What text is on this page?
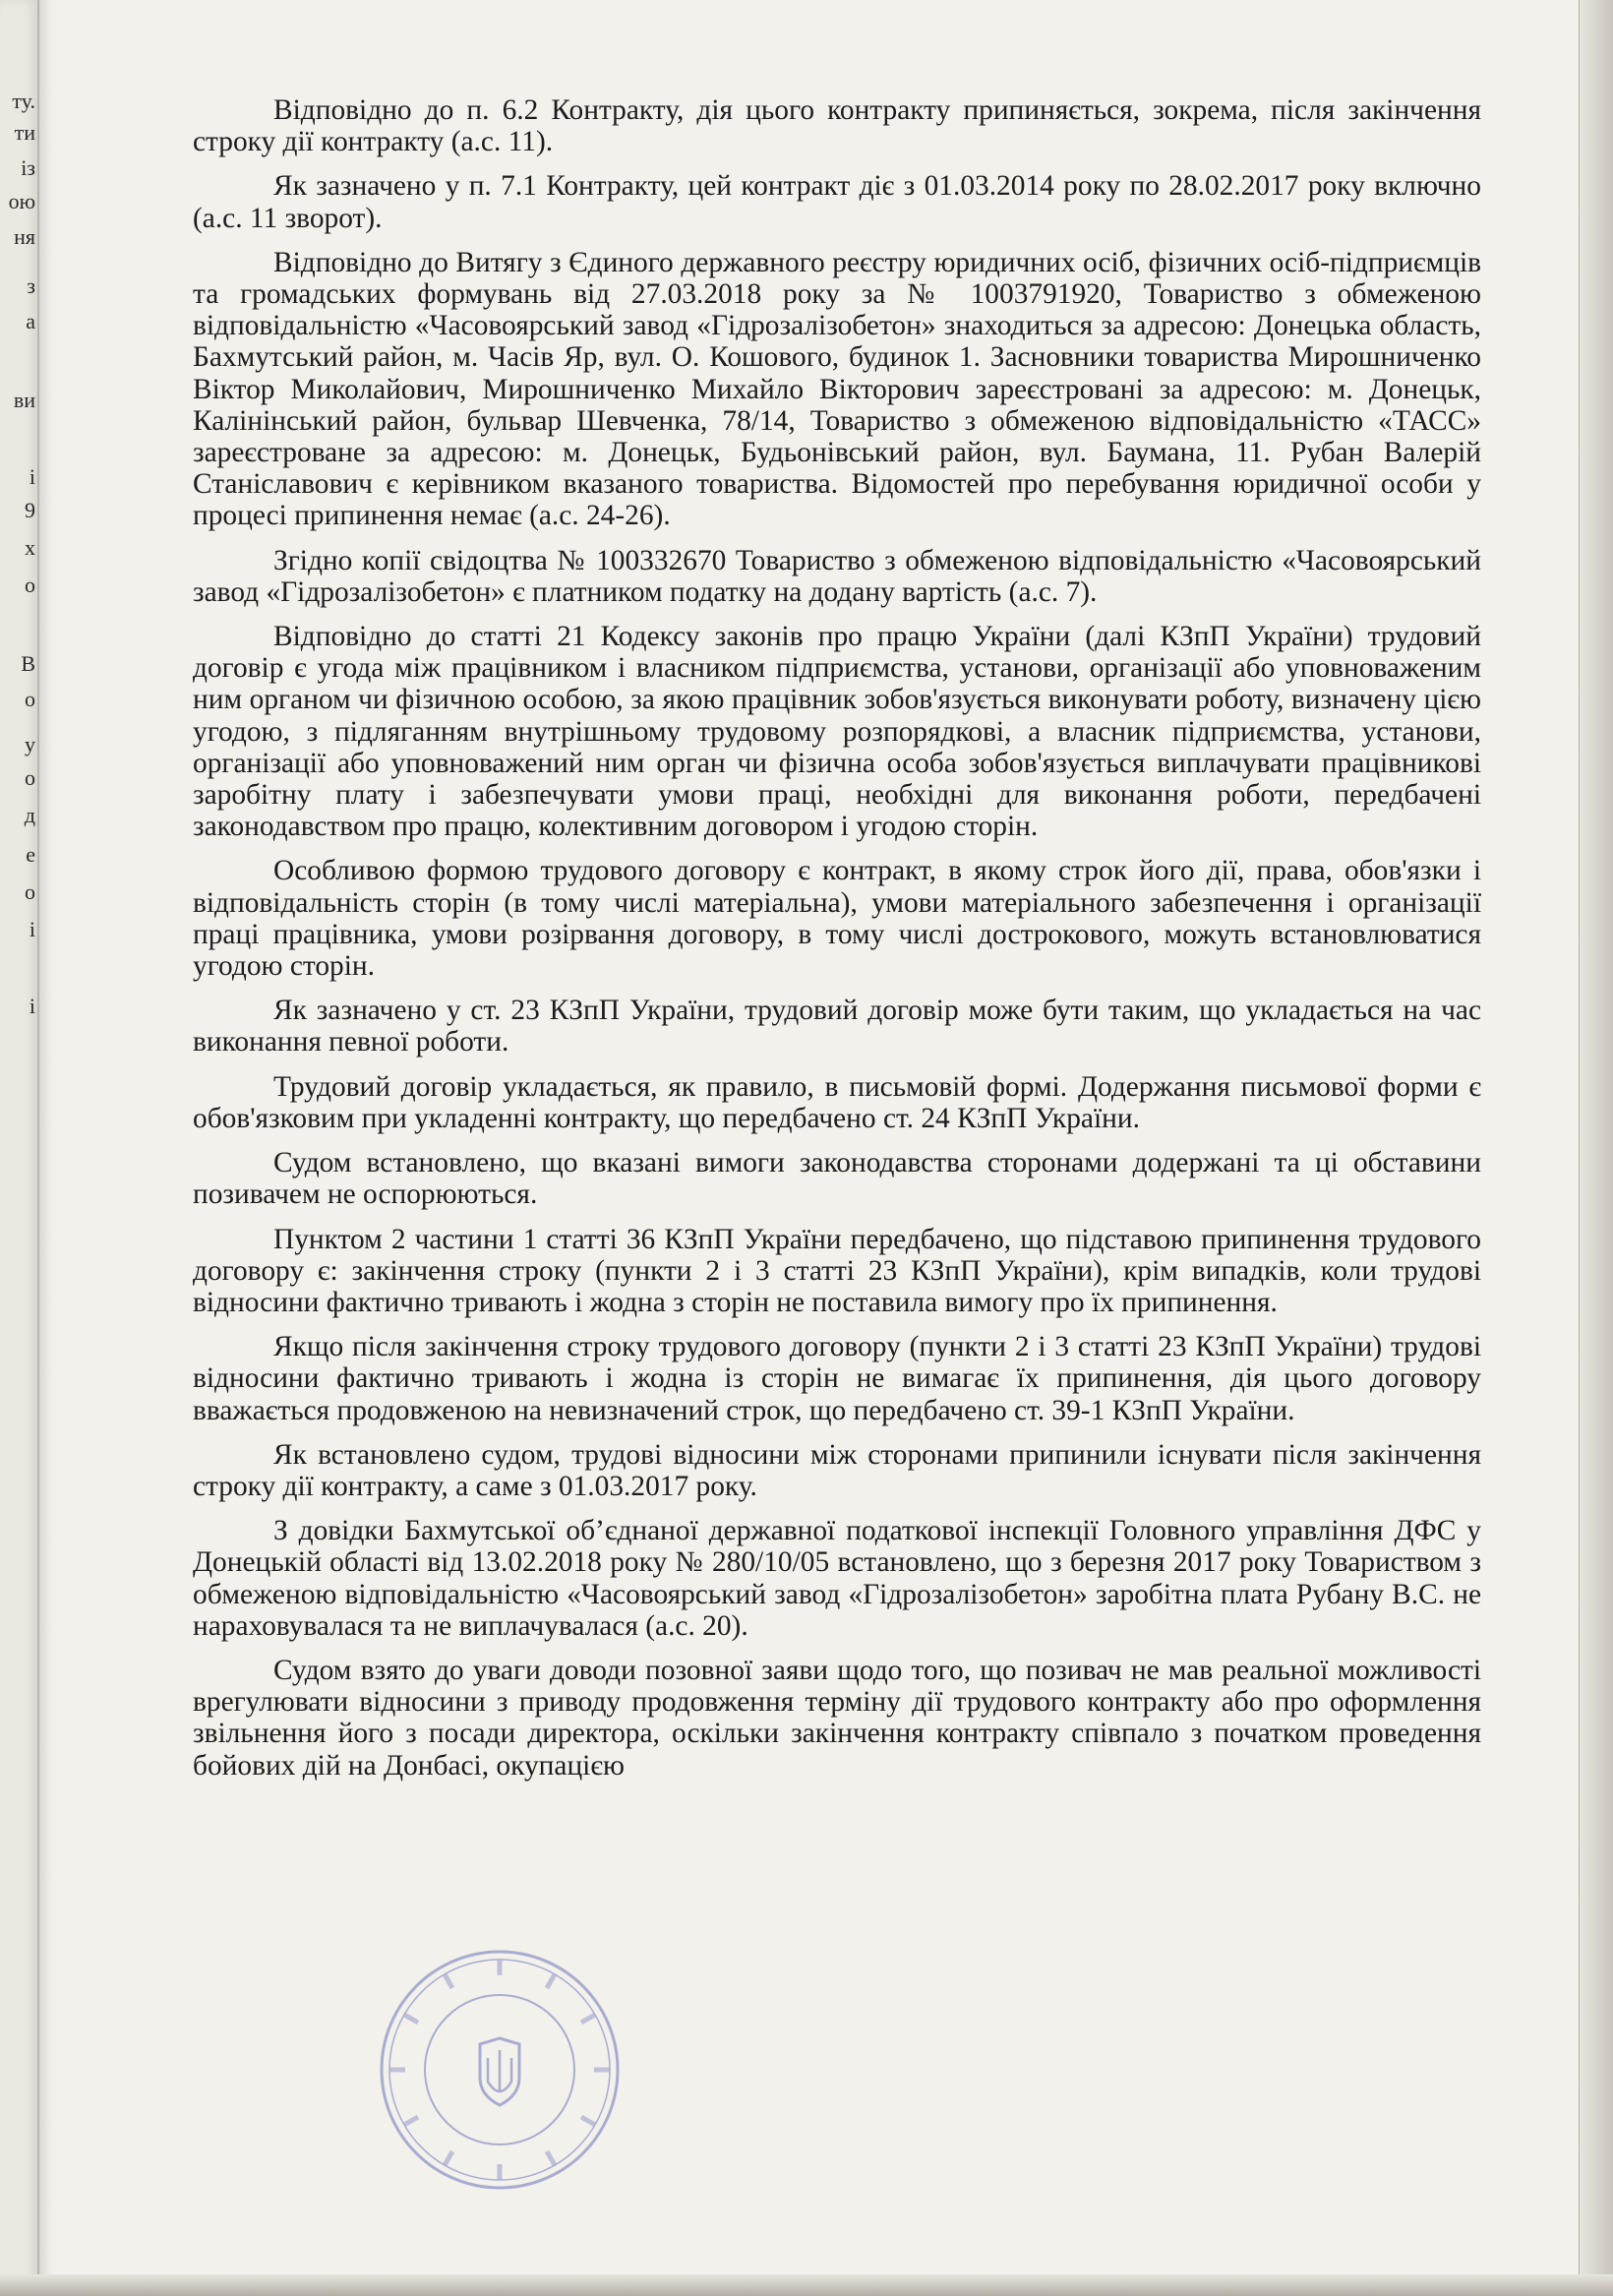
ту.
ти
із
ою
ня
з
а
ви
і
9
х
о
В
о
у
о
д
е
о
і
і

Відповідно до п. 6.2 Контракту, дія цього контракту припиняється, зокрема, після закінчення строку дії контракту (а.с. 11).

Як зазначено у п. 7.1 Контракту, цей контракт діє з 01.03.2014 року по 28.02.2017 року включно (а.с. 11 зворот).

Відповідно до Витягу з Єдиного державного реєстру юридичних осіб, фізичних осіб-підприємців та громадських формувань від 27.03.2018 року за № 1003791920, Товариство з обмеженою відповідальністю «Часовоярський завод «Гідрозалізобетон» знаходиться за адресою: Донецька область, Бахмутський район, м. Часів Яр, вул. О. Кошового, будинок 1. Засновники товариства Мирошниченко Віктор Миколайович, Мирошниченко Михайло Вікторович зареєстровані за адресою: м. Донецьк, Калінінський район, бульвар Шевченка, 78/14, Товариство з обмеженою відповідальністю «ТАСС» зареєстроване за адресою: м. Донецьк, Будьонівський район, вул. Баумана, 11. Рубан Валерій Станіславович є керівником вказаного товариства. Відомостей про перебування юридичної особи у процесі припинення немає (а.с. 24-26).

Згідно копії свідоцтва № 100332670 Товариство з обмеженою відповідальністю «Часовоярський завод «Гідрозалізобетон» є платником податку на додану вартість (а.с. 7).

Відповідно до статті 21 Кодексу законів про працю України (далі КЗпП України) трудовий договір є угода між працівником і власником підприємства, установи, організації або уповноваженим ним органом чи фізичною особою, за якою працівник зобов'язується виконувати роботу, визначену цією угодою, з підляганням внутрішньому трудовому розпорядкові, а власник підприємства, установи, організації або уповноважений ним орган чи фізична особа зобов'язується виплачувати працівникові заробітну плату і забезпечувати умови праці, необхідні для виконання роботи, передбачені законодавством про працю, колективним договором і угодою сторін.

Особливою формою трудового договору є контракт, в якому строк його дії, права, обов'язки і відповідальність сторін (в тому числі матеріальна), умови матеріального забезпечення і організації праці працівника, умови розірвання договору, в тому числі дострокового, можуть встановлюватися угодою сторін.

Як зазначено у ст. 23 КЗпП України, трудовий договір може бути таким, що укладається на час виконання певної роботи.

Трудовий договір укладається, як правило, в письмовій формі. Додержання письмової форми є обов'язковим при укладенні контракту, що передбачено ст. 24 КЗпП України.

Судом встановлено, що вказані вимоги законодавства сторонами додержані та ці обставини позивачем не оспорюються.

Пунктом 2 частини 1 статті 36 КЗпП України передбачено, що підставою припинення трудового договору є: закінчення строку (пункти 2 і 3 статті 23 КЗпП України), крім випадків, коли трудові відносини фактично тривають і жодна з сторін не поставила вимогу про їх припинення.

Якщо після закінчення строку трудового договору (пункти 2 і 3 статті 23 КЗпП України) трудові відносини фактично тривають і жодна із сторін не вимагає їх припинення, дія цього договору вважається продовженою на невизначений строк, що передбачено ст. 39-1 КЗпП України.

Як встановлено судом, трудові відносини між сторонами припинили існувати після закінчення строку дії контракту, а саме з 01.03.2017 року.

З довідки Бахмутської об’єднаної державної податкової інспекції Головного управління ДФС у Донецькій області від 13.02.2018 року № 280/10/05 встановлено, що з березня 2017 року Товариством з обмеженою відповідальністю «Часовоярський завод «Гідрозалізобетон» заробітна плата Рубану В.С. не нараховувалася та не виплачувалася (а.с. 20).

Судом взято до уваги доводи позовної заяви щодо того, що позивач не мав реальної можливості врегулювати відносини з приводу продовження терміну дії трудового контракту або про оформлення звільнення його з посади директора, оскільки закінчення контракту співпало з початком проведення бойових дій на Донбасі, окупацією
